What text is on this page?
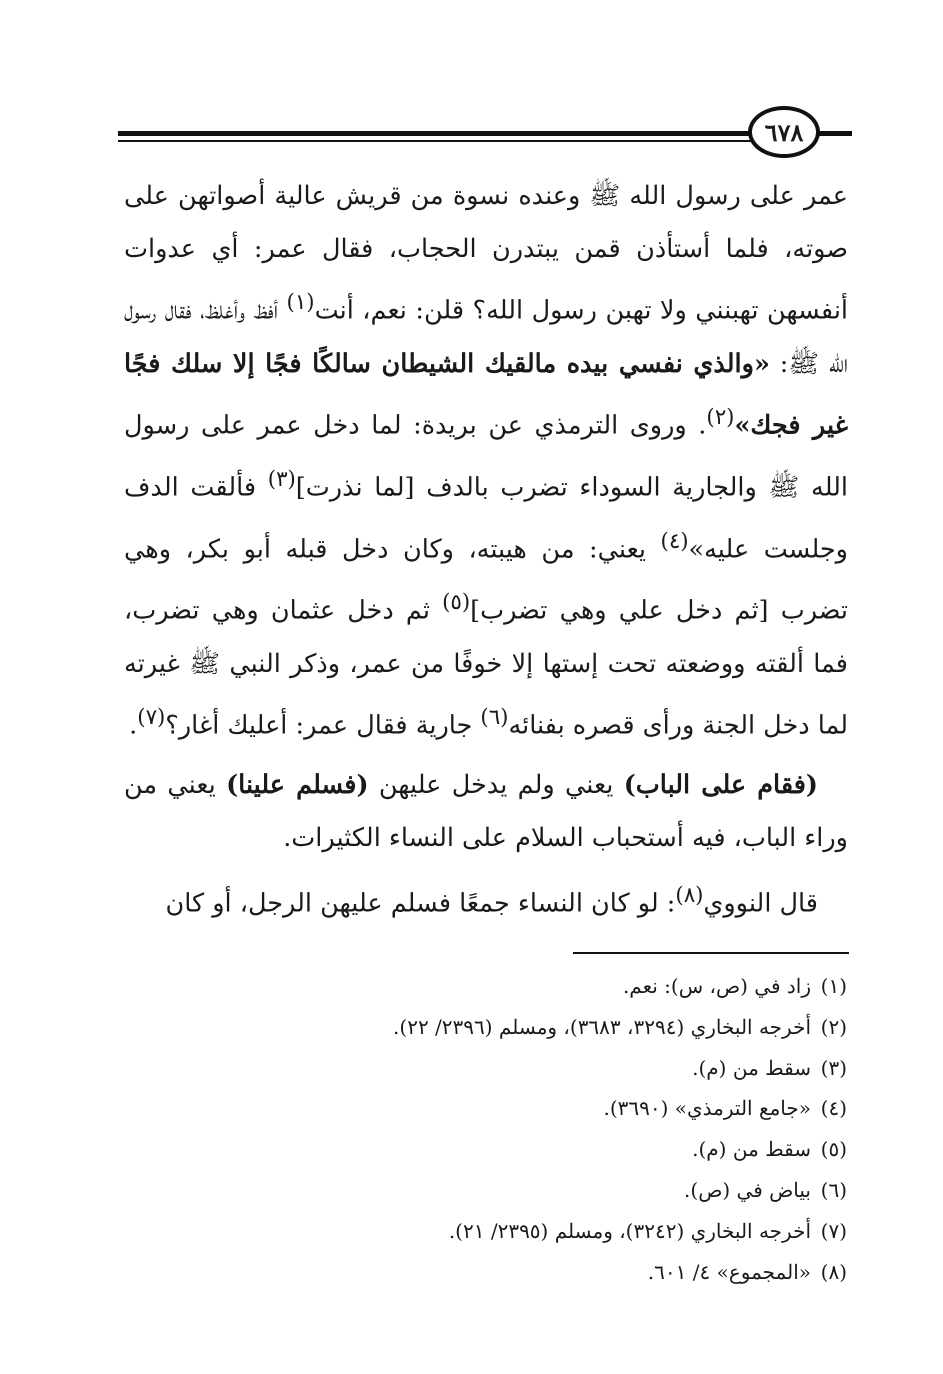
٦٧٨

عمر على رسول الله ﷺ وعنده نسوة من قريش عالية أصواتهن على صوته، فلما أستأذن قمن يبتدرن الحجاب، فقال عمر: أي عدوات أنفسهن تهبنني ولا تهبن رسول الله؟ قلن: نعم، أنت$^{(١)}$ أفظ وأغلظ، فقال رسول الله ﷺ: «والذي نفسي بيده مالقيك الشيطان سالكًا فجًا إلا سلك فجًا غير فجك»$^{(٢)}$. وروى الترمذي عن بريدة: لما دخل عمر على رسول الله ﷺ والجارية السوداء تضرب بالدف [لما نذرت]$^{(٣)}$ فألقت الدف وجلست عليه»$^{(٤)}$ يعني: من هيبته، وكان دخل قبله أبو بكر، وهي تضرب [ثم دخل علي وهي تضرب]$^{(٥)}$ ثم دخل عثمان وهي تضرب، فما ألقته ووضعته تحت إستها إلا خوفًا من عمر، وذكر النبي ﷺ غيرته لما دخل الجنة ورأى قصره بفنائه$^{(٦)}$ جارية فقال عمر: أعليك أغار؟$^{(٧)}$.

(فقام على الباب) يعني ولم يدخل عليهن (فسلم علينا) يعني من وراء الباب، فيه أستحباب السلام على النساء الكثيرات.

قال النووي$^{(٨)}$: لو كان النساء جمعًا فسلم عليهن الرجل، أو كان

(١)زاد في (ص، س): نعم.
(٢)أخرجه البخاري (٣٢٩٤، ٣٦٨٣)، ومسلم (٢٣٩٦/ ٢٢).
(٣)سقط من (م).
(٤)«جامع الترمذي» (٣٦٩٠).
(٥)سقط من (م).
(٦)بياض في (ص).
(٧)أخرجه البخاري (٣٢٤٢)، ومسلم (٢٣٩٥/ ٢١).
(٨)«المجموع» ٤/ ٦٠١.
